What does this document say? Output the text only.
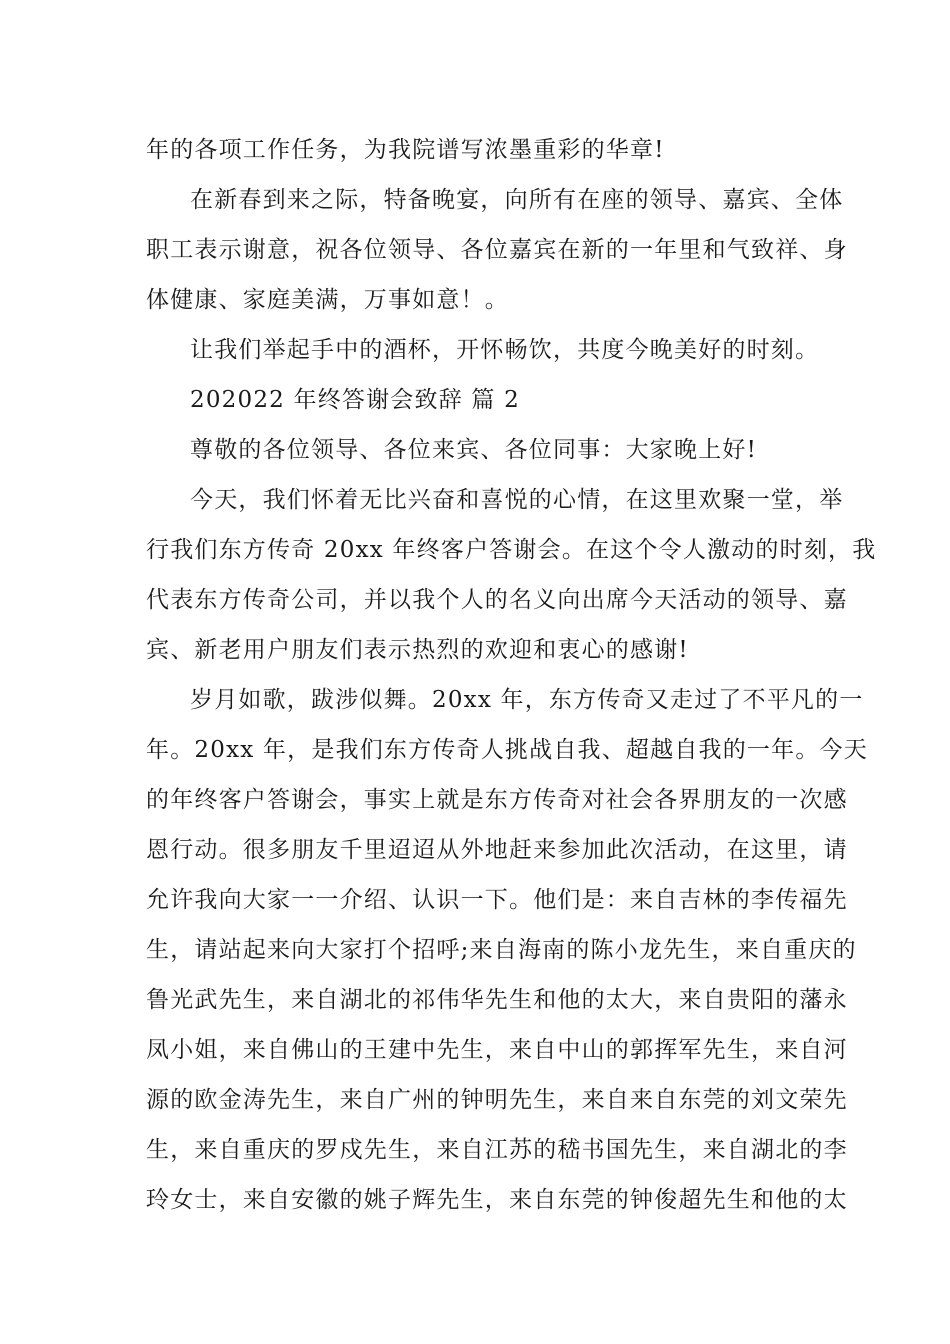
年的各项工作任务，为我院谱写浓墨重彩的华章!
在新春到来之际，特备晚宴，向所有在座的领导、嘉宾、全体
职工表示谢意，祝各位领导、各位嘉宾在新的一年里和气致祥、身
体健康、家庭美满，万事如意！。
让我们举起手中的酒杯，开怀畅饮，共度今晚美好的时刻。
202022 年终答谢会致辞 篇 2
尊敬的各位领导、各位来宾、各位同事：大家晚上好!
今天，我们怀着无比兴奋和喜悦的心情，在这里欢聚一堂，举
行我们东方传奇 20xx 年终客户答谢会。在这个令人激动的时刻，我
代表东方传奇公司，并以我个人的名义向出席今天活动的领导、嘉
宾、新老用户朋友们表示热烈的欢迎和衷心的感谢!
岁月如歌，跋涉似舞。20xx 年，东方传奇又走过了不平凡的一
年。20xx 年，是我们东方传奇人挑战自我、超越自我的一年。今天
的年终客户答谢会，事实上就是东方传奇对社会各界朋友的一次感
恩行动。很多朋友千里迢迢从外地赶来参加此次活动，在这里，请
允许我向大家一一介绍、认识一下。他们是：来自吉林的李传福先
生，请站起来向大家打个招呼;来自海南的陈小龙先生，来自重庆的
鲁光武先生，来自湖北的祁伟华先生和他的太大，来自贵阳的藩永
凤小姐，来自佛山的王建中先生，来自中山的郭挥军先生，来自河
源的欧金涛先生，来自广州的钟明先生，来自来自东莞的刘文荣先
生，来自重庆的罗戍先生，来自江苏的嵇书国先生，来自湖北的李
玲女士，来自安徽的姚子辉先生，来自东莞的钟俊超先生和他的太
